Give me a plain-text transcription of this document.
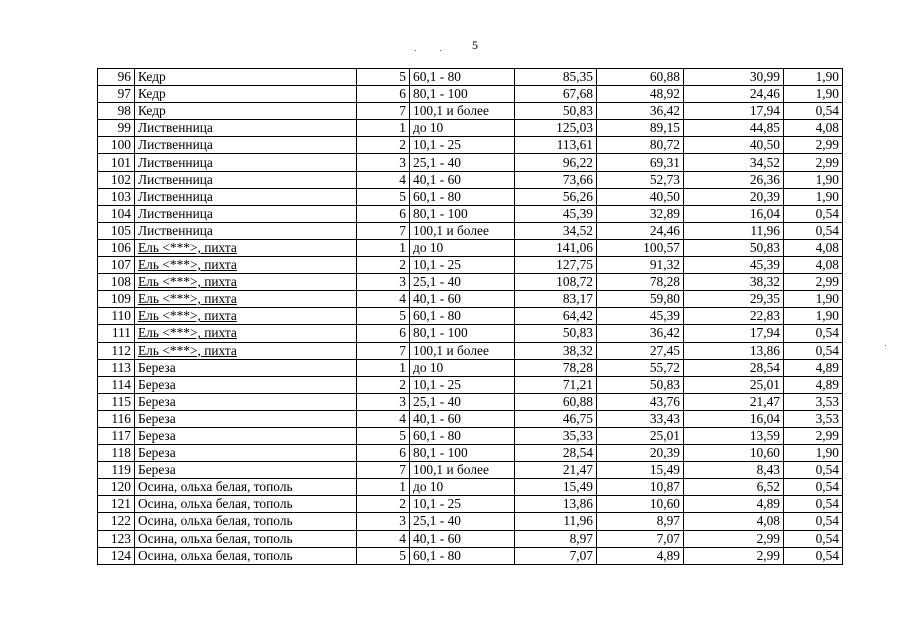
5
96	Кедр	5	60,1 - 80	85,35	60,88	30,99	1,90
97	Кедр	6	80,1 - 100	67,68	48,92	24,46	1,90
98	Кедр	7	100,1 и более	50,83	36,42	17,94	0,54
99	Лиственница	1	до 10	125,03	89,15	44,85	4,08
100	Лиственница	2	10,1 - 25	113,61	80,72	40,50	2,99
101	Лиственница	3	25,1 - 40	96,22	69,31	34,52	2,99
102	Лиственница	4	40,1 - 60	73,66	52,73	26,36	1,90
103	Лиственница	5	60,1 - 80	56,26	40,50	20,39	1,90
104	Лиственница	6	80,1 - 100	45,39	32,89	16,04	0,54
105	Лиственница	7	100,1 и более	34,52	24,46	11,96	0,54
106	Ель <***>, пихта	1	до 10	141,06	100,57	50,83	4,08
107	Ель <***>, пихта	2	10,1 - 25	127,75	91,32	45,39	4,08
108	Ель <***>, пихта	3	25,1 - 40	108,72	78,28	38,32	2,99
109	Ель <***>, пихта	4	40,1 - 60	83,17	59,80	29,35	1,90
110	Ель <***>, пихта	5	60,1 - 80	64,42	45,39	22,83	1,90
111	Ель <***>, пихта	6	80,1 - 100	50,83	36,42	17,94	0,54
112	Ель <***>, пихта	7	100,1 и более	38,32	27,45	13,86	0,54
113	Береза	1	до 10	78,28	55,72	28,54	4,89
114	Береза	2	10,1 - 25	71,21	50,83	25,01	4,89
115	Береза	3	25,1 - 40	60,88	43,76	21,47	3,53
116	Береза	4	40,1 - 60	46,75	33,43	16,04	3,53
117	Береза	5	60,1 - 80	35,33	25,01	13,59	2,99
118	Береза	6	80,1 - 100	28,54	20,39	10,60	1,90
119	Береза	7	100,1 и более	21,47	15,49	8,43	0,54
120	Осина, ольха белая, тополь	1	до 10	15,49	10,87	6,52	0,54
121	Осина, ольха белая, тополь	2	10,1 - 25	13,86	10,60	4,89	0,54
122	Осина, ольха белая, тополь	3	25,1 - 40	11,96	8,97	4,08	0,54
123	Осина, ольха белая, тополь	4	40,1 - 60	8,97	7,07	2,99	0,54
124	Осина, ольха белая, тополь	5	60,1 - 80	7,07	4,89	2,99	0,54
